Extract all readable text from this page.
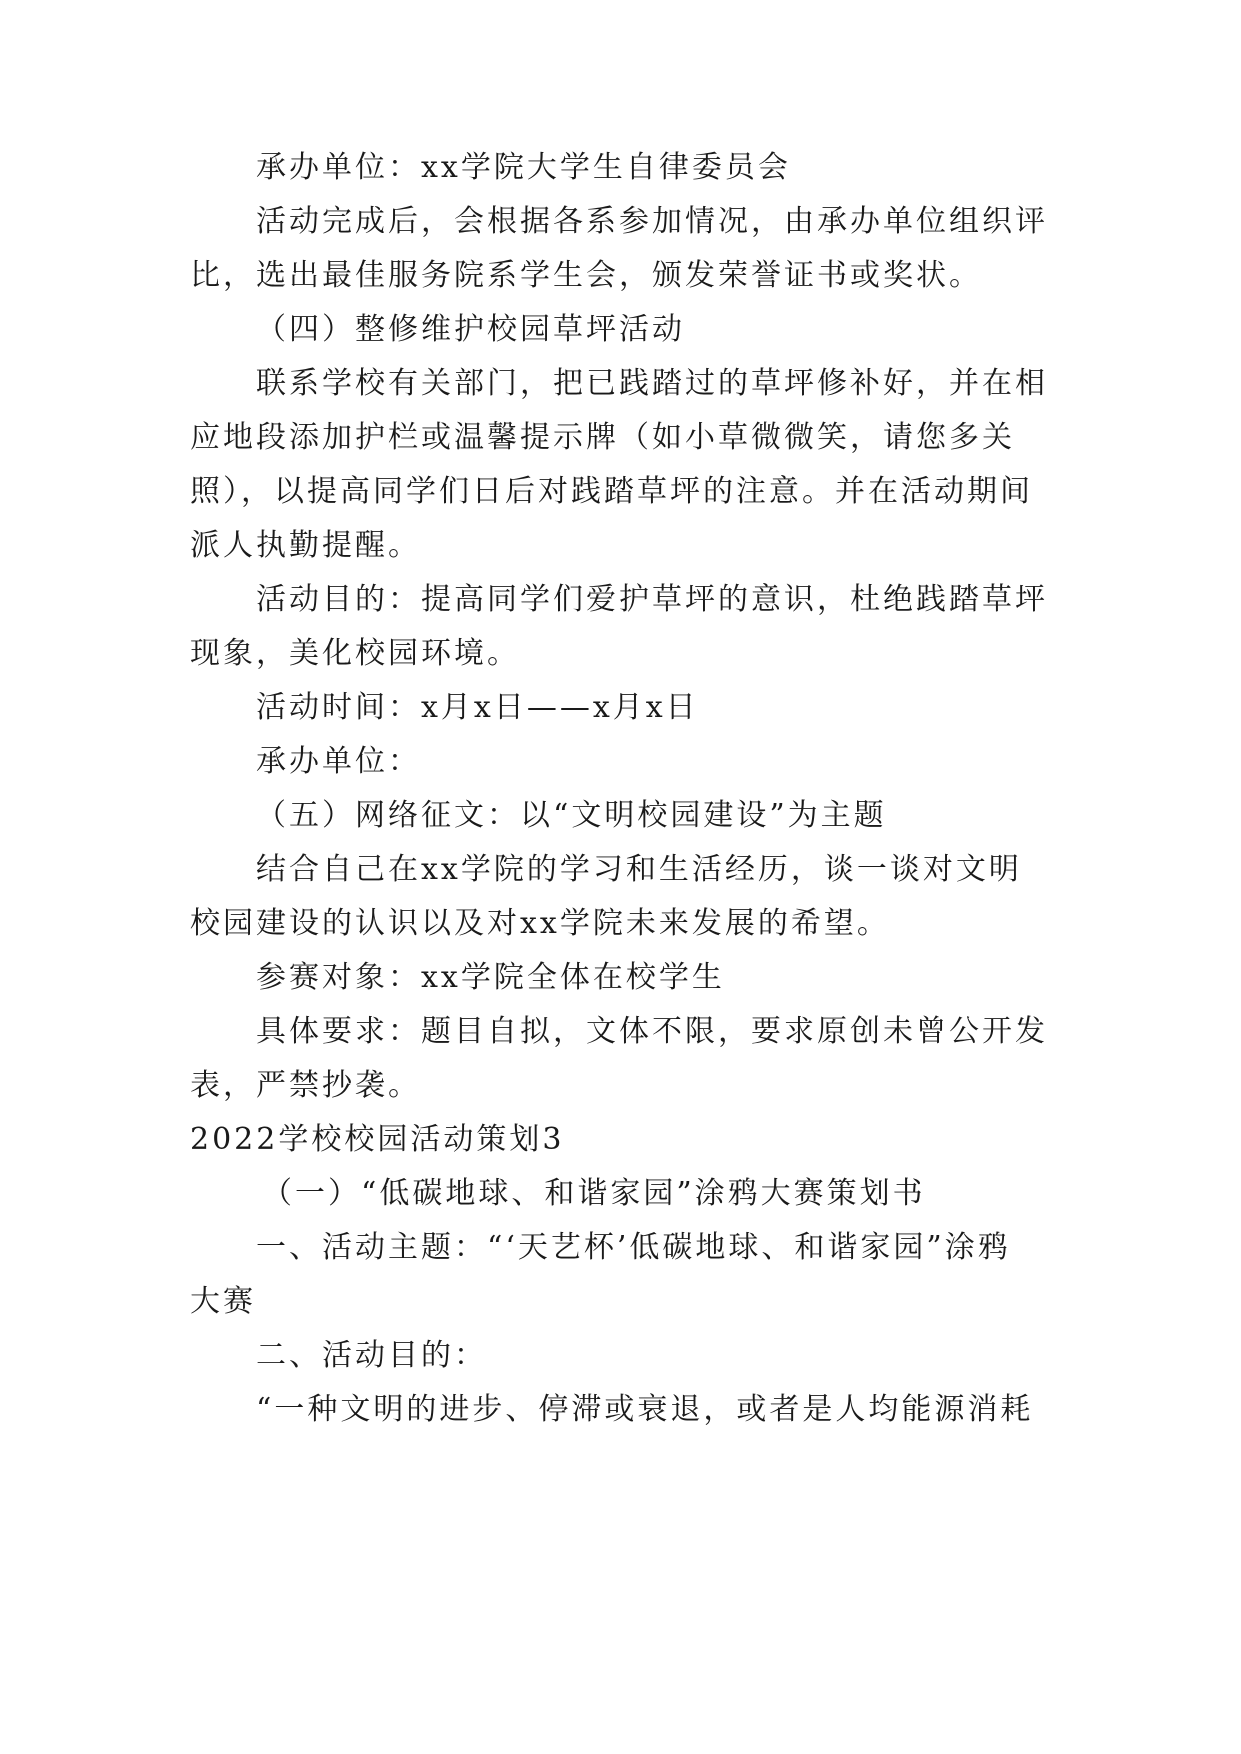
承办单位：xx学院大学生自律委员会

活动完成后，会根据各系参加情况，由承办单位组织评

比，选出最佳服务院系学生会，颁发荣誉证书或奖状。

（四）整修维护校园草坪活动

联系学校有关部门，把已践踏过的草坪修补好，并在相

应地段添加护栏或温馨提示牌（如小草微微笑，请您多关

照），以提高同学们日后对践踏草坪的注意。并在活动期间

派人执勤提醒。

活动目的：提高同学们爱护草坪的意识，杜绝践踏草坪

现象，美化校园环境。

活动时间：x月x日——x月x日

承办单位：

（五）网络征文：以“文明校园建设”为主题

结合自己在xx学院的学习和生活经历，谈一谈对文明

校园建设的认识以及对xx学院未来发展的希望。

参赛对象：xx学院全体在校学生

具体要求：题目自拟，文体不限，要求原创未曾公开发

表，严禁抄袭。

2022学校校园活动策划3

（一）“低碳地球、和谐家园”涂鸦大赛策划书

一、活动主题：“‘天艺杯’低碳地球、和谐家园”涂鸦

大赛

二、活动目的：

“一种文明的进步、停滞或衰退，或者是人均能源消耗
